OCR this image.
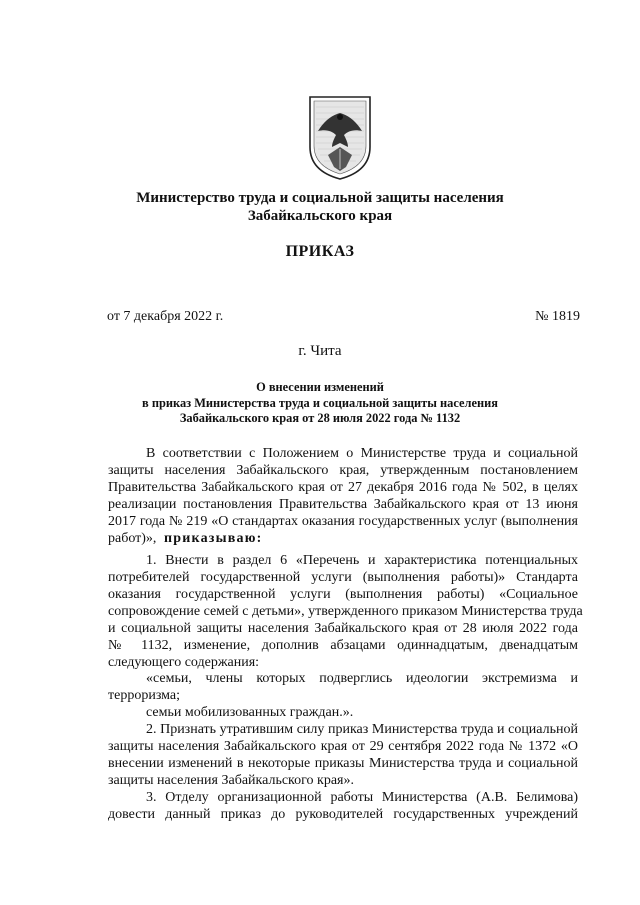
Министерство труда и социальной защиты населения
Забайкальского края
ПРИКАЗ
от 7 декабря 2022 г.	№ 1819
г. Чита
О внесении изменений
в приказ Министерства труда и социальной защиты населения
Забайкальского края от 28 июля 2022 года № 1132
В соответствии с Положением о Министерстве труда и социальной
защиты населения Забайкальского края, утвержденным постановлением
Правительства Забайкальского края от 27 декабря 2016 года № 502, в целях
реализации постановления Правительства Забайкальского края от 13 июня
2017 года № 219 «О стандартах оказания государственных услуг (выполнения
работ)», приказываю:
1. Внести в раздел 6 «Перечень и характеристика потенциальных
потребителей государственной услуги (выполнения работы)» Стандарта
оказания государственной услуги (выполнения работы) «Социальное
сопровождение семей с детьми», утвержденного приказом Министерства труда
и социальной защиты населения Забайкальского края от 28 июля 2022 года
№ 1132, изменение, дополнив абзацами одиннадцатым, двенадцатым
следующего содержания:
«семьи, члены которых подверглись идеологии экстремизма и
терроризма;
семьи мобилизованных граждан.».
2. Признать утратившим силу приказ Министерства труда и социальной
защиты населения Забайкальского края от 29 сентября 2022 года № 1372 «О
внесении изменений в некоторые приказы Министерства труда и социальной
защиты населения Забайкальского края».
3. Отделу организационной работы Министерства (А.В. Белимова)
довести данный приказ до руководителей государственных учреждений
